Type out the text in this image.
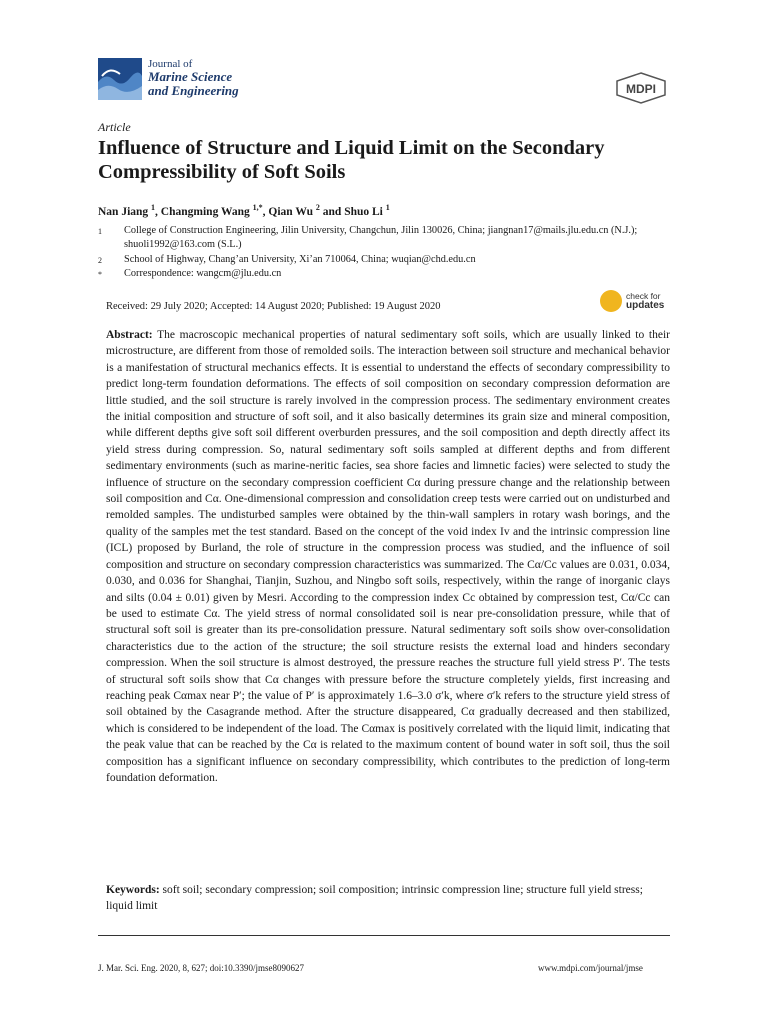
Journal of
Marine Science
and Engineering	MDPI
Article
Influence of Structure and Liquid Limit on the Secondary Compressibility of Soft Soils
Nan Jiang $^1$, Changming Wang $^{1,*}$, Qian Wu $^2$ and Shuo Li $^1$
1 College of Construction Engineering, Jilin University, Changchun, Jilin 130026, China; jiangnan17@mails.jlu.edu.cn (N.J.); shuoli1992@163.com (S.L.)
2 School of Highway, Chang’an University, Xi’an 710064, China; wuqian@chd.edu.cn
* Correspondence: wangcm@jlu.edu.cn
Received: 29 July 2020; Accepted: 14 August 2020; Published: 19 August 2020
check for
updates
Abstract: The macroscopic mechanical properties of natural sedimentary soft soils, which are usually linked to their microstructure, are different from those of remolded soils. The interaction between soil structure and mechanical behavior is a manifestation of structural mechanics effects. It is essential to understand the effects of secondary compressibility to predict long-term foundation deformations. The effects of soil composition on secondary compression deformation are little studied, and the soil structure is rarely involved in the compression process. The sedimentary environment creates the initial composition and structure of soft soil, and it also basically determines its grain size and mineral composition, while different depths give soft soil different overburden pressures, and the soil composition and depth directly affect its yield stress during compression. So, natural sedimentary soft soils sampled at different depths and from different sedimentary environments (such as marine-neritic facies, sea shore facies and limnetic facies) were selected to study the influence of structure on the secondary compression coefficient Cα during pressure change and the relationship between soil composition and Cα. One-dimensional compression and consolidation creep tests were carried out on undisturbed and remolded samples. The undisturbed samples were obtained by the thin-wall samplers in rotary wash borings, and the quality of the samples met the test standard. Based on the concept of the void index Iv and the intrinsic compression line (ICL) proposed by Burland, the role of structure in the compression process was studied, and the influence of soil composition and structure on secondary compression characteristics was summarized. The Cα/Cc values are 0.031, 0.034, 0.030, and 0.036 for Shanghai, Tianjin, Suzhou, and Ningbo soft soils, respectively, within the range of inorganic clays and silts (0.04 ± 0.01) given by Mesri. According to the compression index Cc obtained by compression test, Cα/Cc can be used to estimate Cα. The yield stress of normal consolidated soil is near pre-consolidation pressure, while that of structural soft soil is greater than its pre-consolidation pressure. Natural sedimentary soft soils show over-consolidation characteristics due to the action of the structure; the soil structure resists the external load and hinders secondary compression. When the soil structure is almost destroyed, the pressure reaches the structure full yield stress P′. The tests of structural soft soils show that Cα changes with pressure before the structure completely yields, first increasing and reaching peak Cαmax near P′; the value of P′ is approximately 1.6–3.0 σ′k, where σ′k refers to the structure yield stress of soil obtained by the Casagrande method. After the structure disappeared, Cα gradually decreased and then stabilized, which is considered to be independent of the load. The Cαmax is positively correlated with the liquid limit, indicating that the peak value that can be reached by the Cα is related to the maximum content of bound water in soft soil, thus the soil composition has a significant influence on secondary compressibility, which contributes to the prediction of long-term foundation deformation.
Keywords: soft soil; secondary compression; soil composition; intrinsic compression line; structure full yield stress; liquid limit
J. Mar. Sci. Eng. 2020, 8, 627; doi:10.3390/jmse8090627	www.mdpi.com/journal/jmse
